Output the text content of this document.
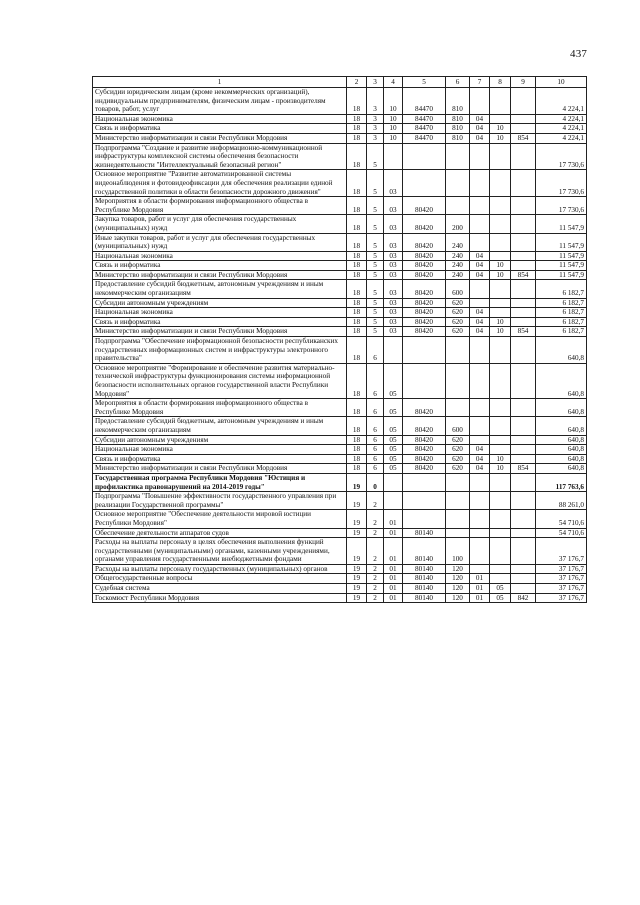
437
1	2	3	4	5	6	7	8	9	10
Субсидии юридическим лицам (кроме некоммерческих организаций), индивидуальным предпринимателям, физическим лицам - производителям товаров, работ, услуг	18	3	10	84470	810				4 224,1
Национальная экономика	18	3	10	84470	810	04			4 224,1
Связь и информатика	18	3	10	84470	810	04	10		4 224,1
Министерство информатизации и связи Республики Мордовия	18	3	10	84470	810	04	10	854	4 224,1
Подпрограмма "Создание и развитие информационно-коммуникационной инфраструктуры комплексной системы обеспечения безопасности жизнедеятельности "Интеллектуальный безопасный регион"	18	5							17 730,6
Основное мероприятие "Развитие автоматизированной системы видеонаблюдения и фотовидеофиксации для обеспечения реализации единой государственной политики в области безопасности дорожного движения"	18	5	03						17 730,6
Мероприятия в области формирования информационного общества в Республике Мордовия	18	5	03	80420					17 730,6
Закупка товаров, работ и услуг для обеспечения государственных (муниципальных) нужд	18	5	03	80420	200				11 547,9
Иные закупки товаров, работ и услуг для обеспечения государственных (муниципальных) нужд	18	5	03	80420	240				11 547,9
Национальная экономика	18	5	03	80420	240	04			11 547,9
Связь и информатика	18	5	03	80420	240	04	10		11 547,9
Министерство информатизации и связи Республики Мордовия	18	5	03	80420	240	04	10	854	11 547,9
Предоставление субсидий бюджетным, автономным учреждениям и иным некоммерческим организациям	18	5	03	80420	600				6 182,7
Субсидии автономным учреждениям	18	5	03	80420	620				6 182,7
Национальная экономика	18	5	03	80420	620	04			6 182,7
Связь и информатика	18	5	03	80420	620	04	10		6 182,7
Министерство информатизации и связи Республики Мордовия	18	5	03	80420	620	04	10	854	6 182,7
Подпрограмма "Обеспечение информационной безопасности республиканских государственных информационных систем и инфраструктуры электронного правительства"	18	6							640,8
Основное мероприятие "Формирование и обеспечение развития материально-технической инфраструктуры функционирования системы информационной безопасности исполнительных органов государственной власти Республики Мордовия"	18	6	05						640,8
Мероприятия в области формирования информационного общества в Республике Мордовия	18	6	05	80420					640,8
Предоставление субсидий бюджетным, автономным учреждениям и иным некоммерческим организациям	18	6	05	80420	600				640,8
Субсидии автономным учреждениям	18	6	05	80420	620				640,8
Национальная экономика	18	6	05	80420	620	04			640,8
Связь и информатика	18	6	05	80420	620	04	10		640,8
Министерство информатизации и связи Республики Мордовия	18	6	05	80420	620	04	10	854	640,8
Государственная программа Республики Мордовия "Юстиция и профилактика правонарушений на 2014-2019 годы"	19	0							117 763,6
Подпрограмма "Повышение эффективности государственного управления при реализации Государственной программы"	19	2							88 261,0
Основное мероприятие "Обеспечение деятельности мировой юстиции Республики Мордовия"	19	2	01						54 710,6
Обеспечение деятельности аппаратов судов	19	2	01	80140					54 710,6
Расходы на выплаты персоналу в целях обеспечения выполнения функций государственными (муниципальными) органами, казенными учреждениями, органами управления государственными внебюджетными фондами	19	2	01	80140	100				37 176,7
Расходы на выплаты персоналу государственных (муниципальных) органов	19	2	01	80140	120				37 176,7
Общегосударственные вопросы	19	2	01	80140	120	01			37 176,7
Судебная система	19	2	01	80140	120	01	05		37 176,7
Госкомюст Республики Мордовия	19	2	01	80140	120	01	05	842	37 176,7
